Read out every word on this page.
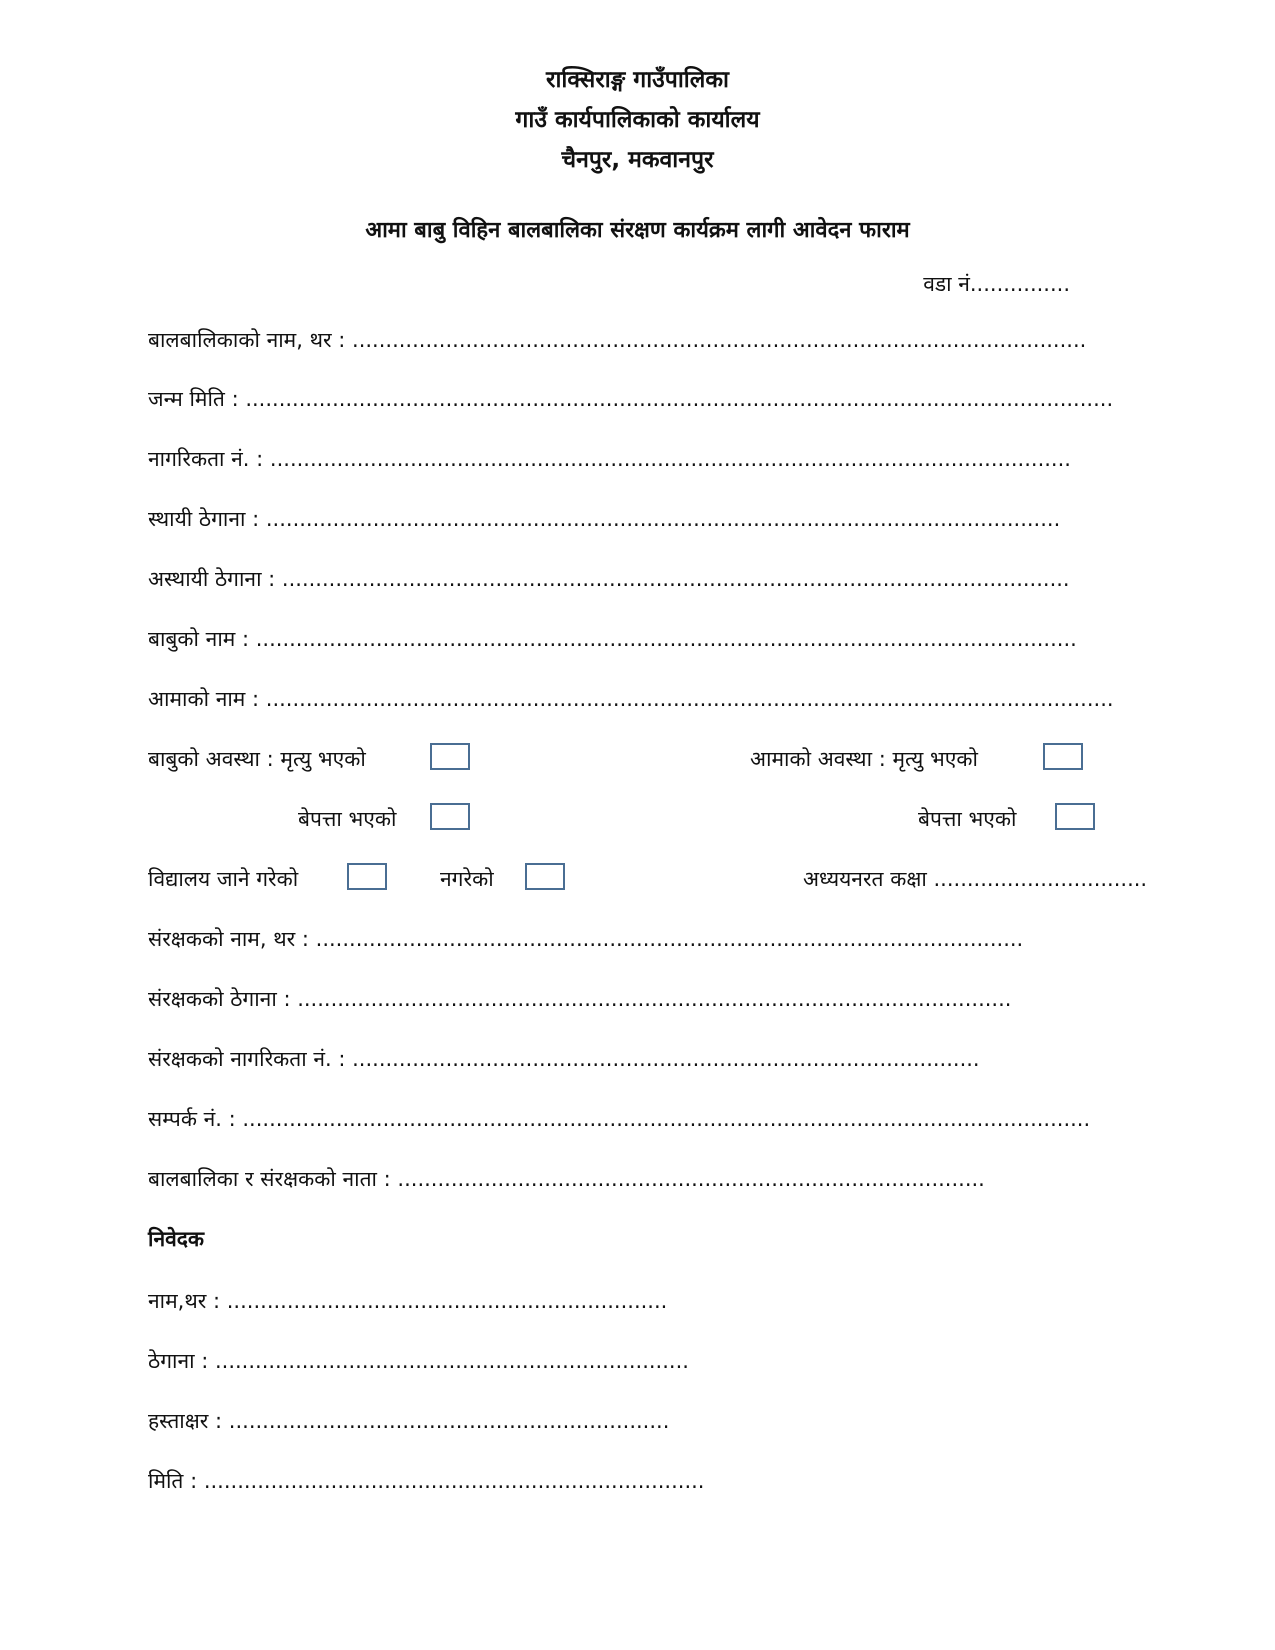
राक्सिराङ्ग गाउँपालिका
गाउँ कार्यपालिकाको कार्यालय
चैनपुर, मकवानपुर
आमा बाबु विहिन बालबालिका संरक्षण कार्यक्रम लागी आवेदन फाराम
वडा नं...............
बालबालिकाको नाम, थर : ..............................................................................................................
जन्म मिति : ..................................................................................................................................
नागरिकता नं. : ........................................................................................................................
स्थायी ठेगाना : .......................................................................................................................
अस्थायी ठेगाना : ......................................................................................................................
बाबुको नाम : ...........................................................................................................................
आमाको नाम : ...............................................................................................................................
बाबुको अवस्था : मृत्यु भएको	आमाको अवस्था : मृत्यु भएको
बेपत्ता भएको	बेपत्ता भएको
विद्यालय जाने गरेको	नगरेको	अध्ययनरत कक्षा ................................
संरक्षकको नाम, थर : ..........................................................................................................
संरक्षकको ठेगाना : ...........................................................................................................
संरक्षकको नागरिकता नं. : ..............................................................................................
सम्पर्क नं. : ...............................................................................................................................
बालबालिका र संरक्षकको नाता : ........................................................................................
निवेदक
नाम,थर : ..................................................................
ठेगाना : .......................................................................
हस्ताक्षर : ..................................................................
मिति : ...........................................................................
